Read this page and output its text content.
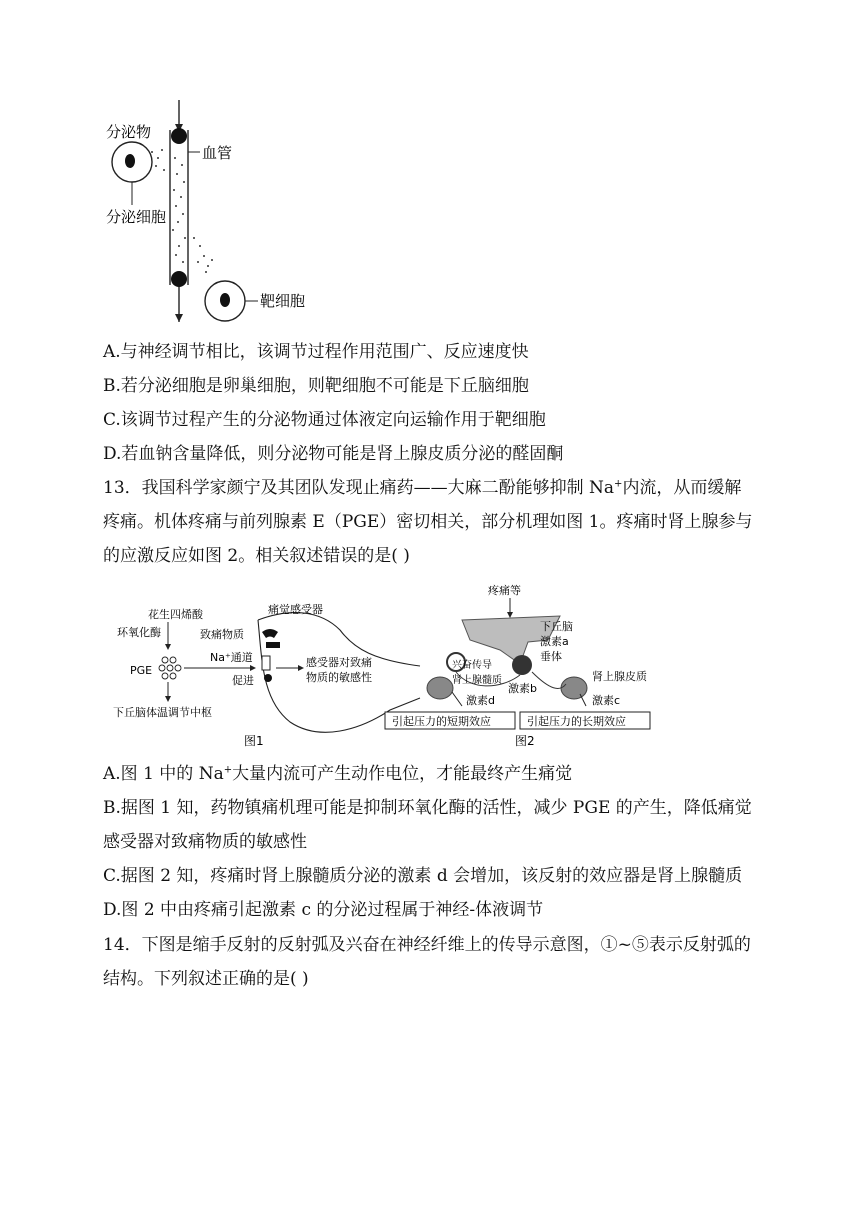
分泌物
血管
分泌细胞
靶细胞
A.与神经调节相比，该调节过程作用范围广、反应速度快
B.若分泌细胞是卵巢细胞，则靶细胞不可能是下丘脑细胞
C.该调节过程产生的分泌物通过体液定向运输作用于靶细胞
D.若血钠含量降低，则分泌物可能是肾上腺皮质分泌的醛固酮
13．我国科学家颜宁及其团队发现止痛药——大麻二酚能够抑制 Na+内流，从而缓解
疼痛。机体疼痛与前列腺素 E（PGE）密切相关，部分机理如图 1。疼痛时肾上腺参与
的应激反应如图 2。相关叙述错误的是( )
花生四烯酸
环氧化酶
PGE
下丘脑体温调节中枢
痛觉感受器
致痛物质
Na⁺通道
促进
感受器对致痛
物质的敏感性
图1
疼痛等
下丘脑
激素a
垂体
兴奋传导
肾上腺髓质	肾上腺皮质
激素b
激素d	激素c
引起压力的短期效应	引起压力的长期效应
图2
A.图 1 中的 Na+大量内流可产生动作电位，才能最终产生痛觉
B.据图 1 知，药物镇痛机理可能是抑制环氧化酶的活性，减少 PGE 的产生，降低痛觉
感受器对致痛物质的敏感性
C.据图 2 知，疼痛时肾上腺髓质分泌的激素 d 会增加，该反射的效应器是肾上腺髓质
D.图 2 中由疼痛引起激素 c 的分泌过程属于神经-体液调节
14．下图是缩手反射的反射弧及兴奋在神经纤维上的传导示意图，①~⑤表示反射弧的
结构。下列叙述正确的是( )
